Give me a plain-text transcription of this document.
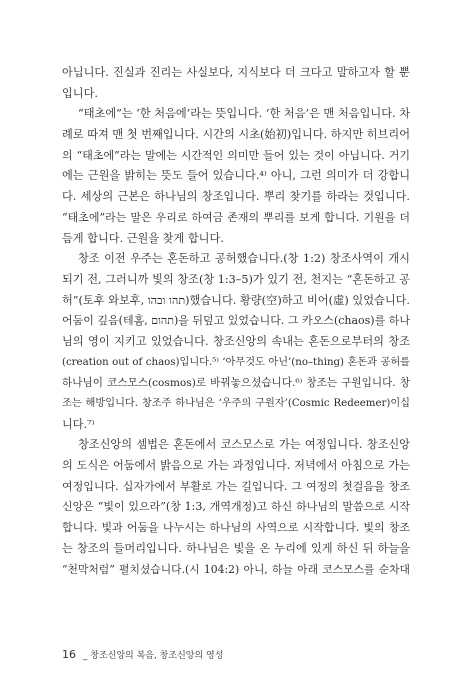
아닙니다. 진실과 진리는 사실보다, 지식보다 더 크다고 말하고자 할 뿐
입니다.
“태초에”는 ‘한 처음에’라는 뜻입니다. ‘한 처음’은 맨 처음입니다. 차
례로 따져 맨 첫 번째입니다. 시간의 시초(始初)입니다. 하지만 히브리어
의 “태초에”라는 말에는 시간적인 의미만 들어 있는 것이 아닙니다. 거기
에는 근원을 밝히는 뜻도 들어 있습니다.⁴⁾ 아니, 그런 의미가 더 강합니
다. 세상의 근본은 하나님의 창조입니다. 뿌리 찾기를 하라는 것입니다.
“태초에”라는 말은 우리로 하여금 존재의 뿌리를 보게 합니다. 기원을 더
듬게 합니다. 근원을 찾게 합니다.
창조 이전 우주는 혼돈하고 공허했습니다.(창 1:2) 창조사역이 개시
되기 전, 그러니까 빛의 창조(창 1:3–5)가 있기 전, 천지는 “혼돈하고 공
허”(토후 와보후, תהו ובהו)했습니다. 황량(空)하고 비어(虛) 있었습니다.
어둠이 깊음(테홈, תהום)을 뒤덮고 있었습니다. 그 카오스(chaos)를 하나
님의 영이 지키고 있었습니다. 창조신앙의 속내는 혼돈으로부터의 창조
(creation out of chaos)입니다.⁵⁾ ‘아무것도 아닌’(no–thing) 혼돈과 공허를
하나님이 코스모스(cosmos)로 바꿔놓으셨습니다.⁶⁾ 창조는 구원입니다. 창
조는 해방입니다. 창조주 하나님은 ‘우주의 구원자’(Cosmic Redeemer)이십
니다.⁷⁾
창조신앙의 셈법은 혼돈에서 코스모스로 가는 여정입니다. 창조신앙
의 도식은 어둠에서 밝음으로 가는 과정입니다. 저녁에서 아침으로 가는
여정입니다. 십자가에서 부활로 가는 길입니다. 그 여정의 첫걸음을 창조
신앙은 “빛이 있으라”(창 1:3, 개역개정)고 하신 하나님의 말씀으로 시작
합니다. 빛과 어둠을 나누시는 하나님의 사역으로 시작합니다. 빛의 창조
는 창조의 들머리입니다. 하나님은 빛을 온 누리에 있게 하신 뒤 하늘을
“천막처럼” 펼치셨습니다.(시 104:2) 아니, 하늘 아래 코스모스를 순차대
16 _ 창조신앙의 복음, 창조신앙의 영성
